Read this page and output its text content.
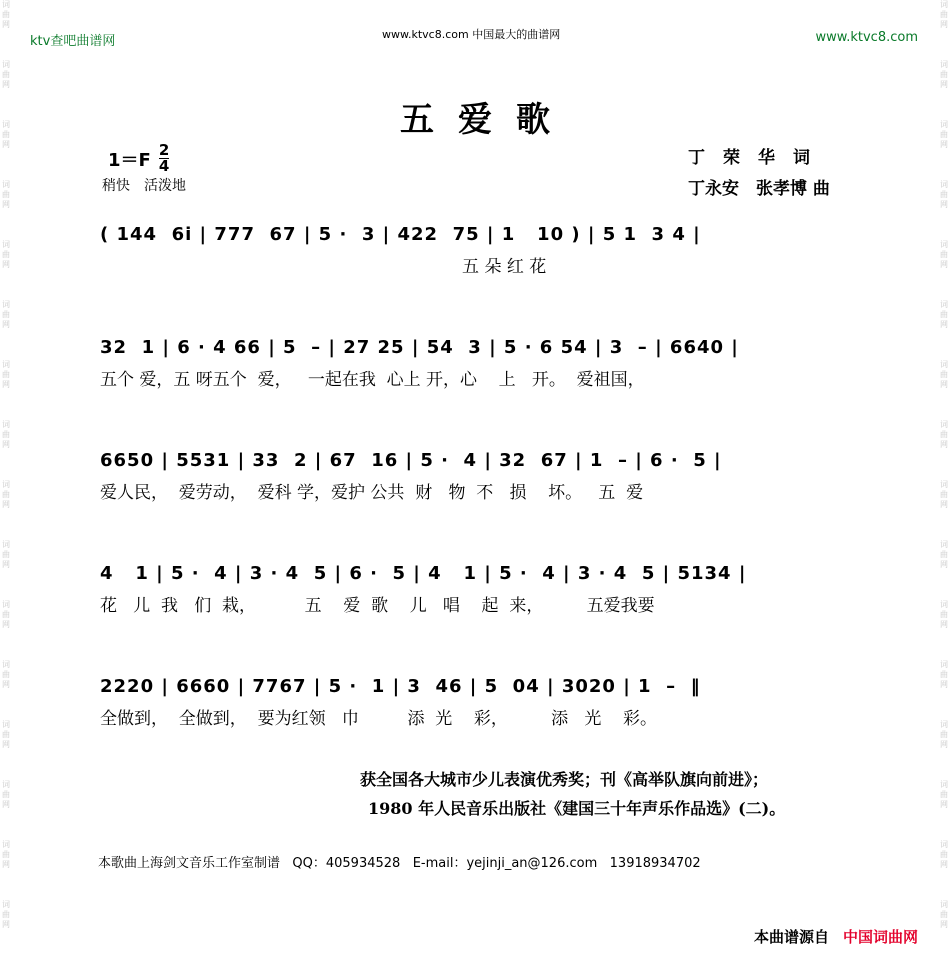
词
曲
网
词
曲
网
词
曲
网
词
曲
网
词
曲
网
词
曲
网
词
曲
网
词
曲
网
词
曲
网
词
曲
网
词
曲
网
词
曲
网
词
曲
网
词
曲
网
词
曲
网
词
曲
网
词
曲
网
词
曲
网
词
曲
网
词
曲
网
词
曲
网
词
曲
网
词
曲
网
词
曲
网
词
曲
网
词
曲
网
词
曲
网
词
曲
网
词
曲
网
词
曲
网
词
曲
网
词
曲
网
ktv查吧曲谱网	www.ktvc8.com 中国最大的曲谱网	www.ktvc8.com
五爱歌
$1=F \frac{2}{4}$
稍快　活泼地
丁荣华词
丁永安　张孝博 曲
( 144  6i | 777  67 | 5 ·  3 | 422  75 | 1   10 ) | 5 1  3 4 |
五 朵 红 花
32  1 | 6 · 4 66 | 5  – | 27 25 | 54  3 | 5 · 6 54 | 3  – | 6640 |
五个 爱，五 呀五个  爱，   一起在我  心上 开，心    上   开。  爱祖国，
6650 | 5531 | 33  2 | 67  16 | 5 ·  4 | 32  67 | 1  – | 6 ·  5 |
爱人民，  爱劳动，  爱科 学，爱护 公共  财   物  不   损    坏。   五  爱
4   1 | 5 ·  4 | 3 · 4  5 | 6 ·  5 | 4   1 | 5 ·  4 | 3 · 4  5 | 5134 |
花   儿  我   们  栽，         五    爱  歌    儿   唱    起  来，        五爱我要
2220 | 6660 | 7767 | 5 ·  1 | 3  46 | 5  04 | 3020 | 1  –  ‖
全做到，  全做到，  要为红领   巾         添  光    彩，        添   光    彩。
获全国各大城市少儿表演优秀奖；刊《高举队旗向前进》；
1980 年人民音乐出版社《建国三十年声乐作品选》(二)。
本歌曲上海剑文音乐工作室制谱   QQ：405934528   E-mail：yejinji_an@126.com   13918934702
本曲谱源自 中国词曲网
